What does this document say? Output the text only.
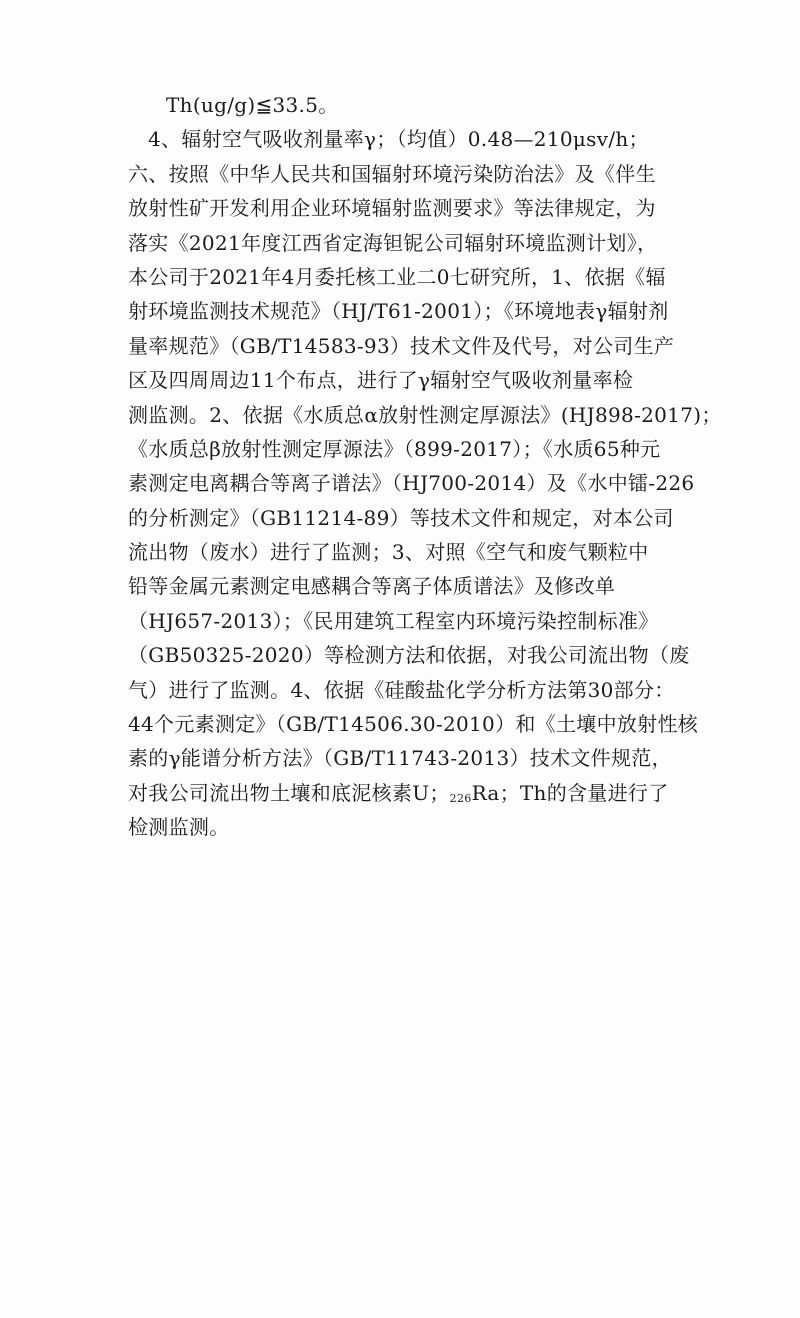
Th(ug/g)≦33.5。
4、辐射空气吸收剂量率γ；（均值）0.48—210μsv/h；
六、按照《中华人民共和国辐射环境污染防治法》及《伴生
放射性矿开发利用企业环境辐射监测要求》等法律规定，为
落实《2021年度江西省定海钽铌公司辐射环境监测计划》，
本公司于2021年4月委托核工业二0七研究所，1、依据《辐
射环境监测技术规范》（HJ/T61-2001）；《环境地表γ辐射剂
量率规范》（GB/T14583-93）技术文件及代号，对公司生产
区及四周周边11个布点，进行了γ辐射空气吸收剂量率检
测监测。2、依据《水质总α放射性测定厚源法》(HJ898-2017)；
《水质总β放射性测定厚源法》（899-2017）；《水质65种元
素测定电离耦合等离子谱法》（HJ700-2014）及《水中镭-226
的分析测定》（GB11214-89）等技术文件和规定，对本公司
流出物（废水）进行了监测；3、对照《空气和废气颗粒中
铅等金属元素测定电感耦合等离子体质谱法》及修改单
（HJ657-2013）；《民用建筑工程室内环境污染控制标准》
（GB50325-2020）等检测方法和依据，对我公司流出物（废
气）进行了监测。4、依据《硅酸盐化学分析方法第30部分：
44个元素测定》（GB/T14506.30-2010）和《土壤中放射性核
素的γ能谱分析方法》（GB/T11743-2013）技术文件规范，
对我公司流出物土壤和底泥核素U；226Ra；Th的含量进行了
检测监测。
